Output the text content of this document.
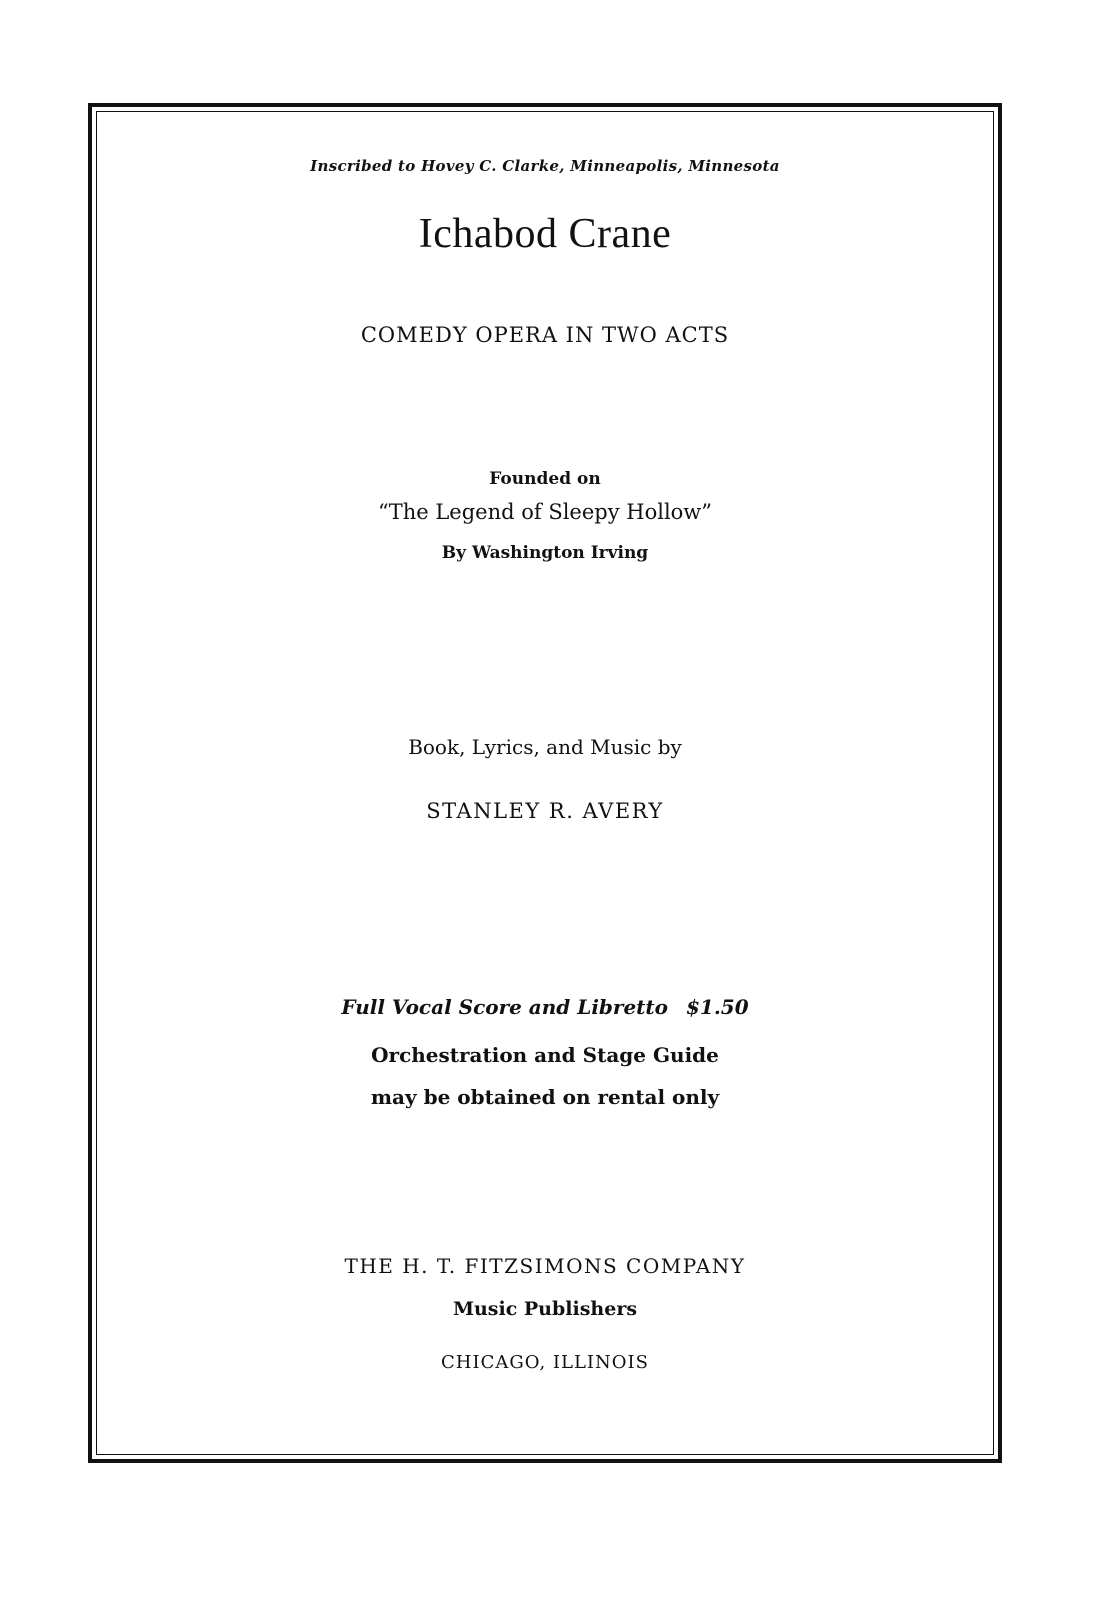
Inscribed to Hovey C. Clarke, Minneapolis, Minnesota
Ichabod Crane
COMEDY OPERA IN TWO ACTS
Founded on
“The Legend of Sleepy Hollow”
By Washington Irving
Book, Lyrics, and Music by
STANLEY R. AVERY
Full Vocal Score and Libretto $1.50
Orchestration and Stage Guide
may be obtained on rental only
THE H. T. FITZSIMONS COMPANY
Music Publishers
CHICAGO, ILLINOIS
